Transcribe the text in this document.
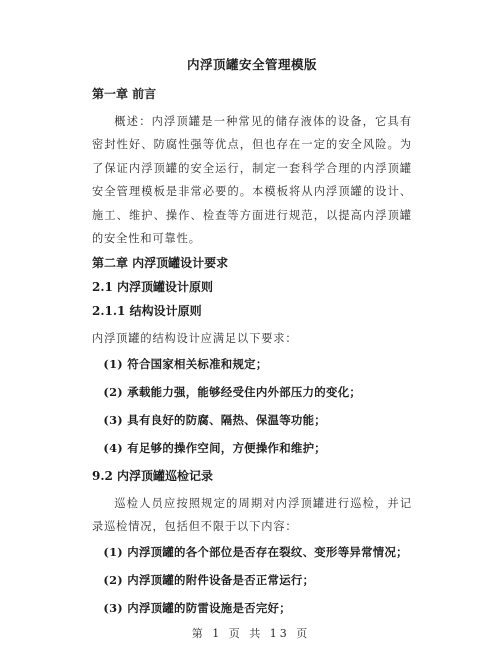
内浮顶罐安全管理模版
第一章 前言
概述：内浮顶罐是一种常见的储存液体的设备，它具有密封性好、防腐性强等优点，但也存在一定的安全风险。为了保证内浮顶罐的安全运行，制定一套科学合理的内浮顶罐安全管理模板是非常必要的。本模板将从内浮顶罐的设计、施工、维护、操作、检查等方面进行规范，以提高内浮顶罐的安全性和可靠性。
第二章 内浮顶罐设计要求
2.1 内浮顶罐设计原则
2.1.1 结构设计原则
内浮顶罐的结构设计应满足以下要求：
(1) 符合国家相关标准和规定；
(2) 承载能力强，能够经受住内外部压力的变化；
(3) 具有良好的防腐、隔热、保温等功能；
(4) 有足够的操作空间，方便操作和维护；
9.2 内浮顶罐巡检记录
巡检人员应按照规定的周期对内浮顶罐进行巡检，并记录巡检情况，包括但不限于以下内容：
(1) 内浮顶罐的各个部位是否存在裂纹、变形等异常情况；
(2) 内浮顶罐的附件设备是否正常运行；
(3) 内浮顶罐的防雷设施是否完好；
第 1 页 共 13 页
